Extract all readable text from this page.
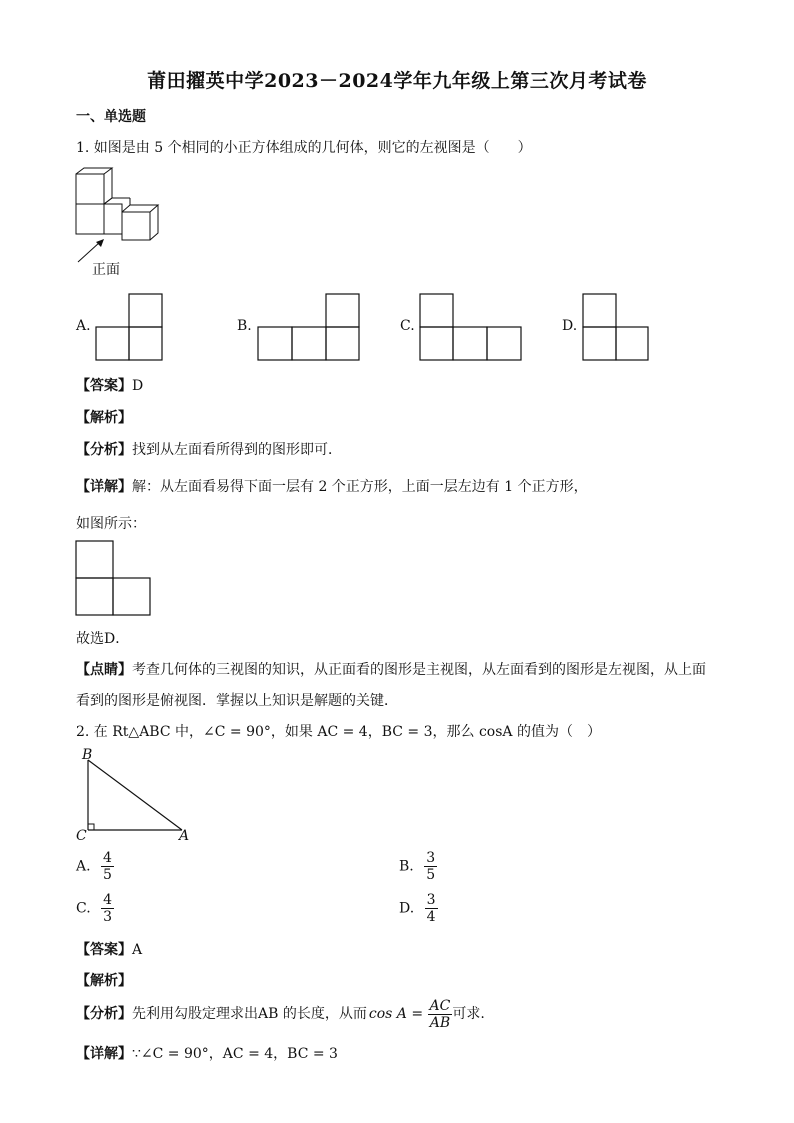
莆田擢英中学2023－2024学年九年级上第三次月考试卷
一、单选题
1. 如图是由 5 个相同的小正方体组成的几何体，则它的左视图是（　　）
正面
A.	B.	C.	D.
【答案】D
【解析】
【分析】找到从左面看所得到的图形即可．
【详解】解：从左面看易得下面一层有 2 个正方形，上面一层左边有 1 个正方形，
如图所示：
故选D．
【点睛】考查几何体的三视图的知识，从正面看的图形是主视图，从左面看到的图形是左视图，从上面
看到的图形是俯视图．掌握以上知识是解题的关键．
2. 在 Rt△ABC 中，∠C = 90°，如果 AC = 4，BC = 3，那么 cosA 的值为（　）
B
C	A
A. $\frac{4}{5}$	B. $\frac{3}{5}$
C. $\frac{4}{3}$	D. $\frac{3}{4}$
【答案】A
【解析】
【分析】先利用勾股定理求出AB 的长度，从而 $\cos A = \frac{AC}{AB}$ 可求.
【详解】∵∠C = 90°，AC = 4，BC = 3
